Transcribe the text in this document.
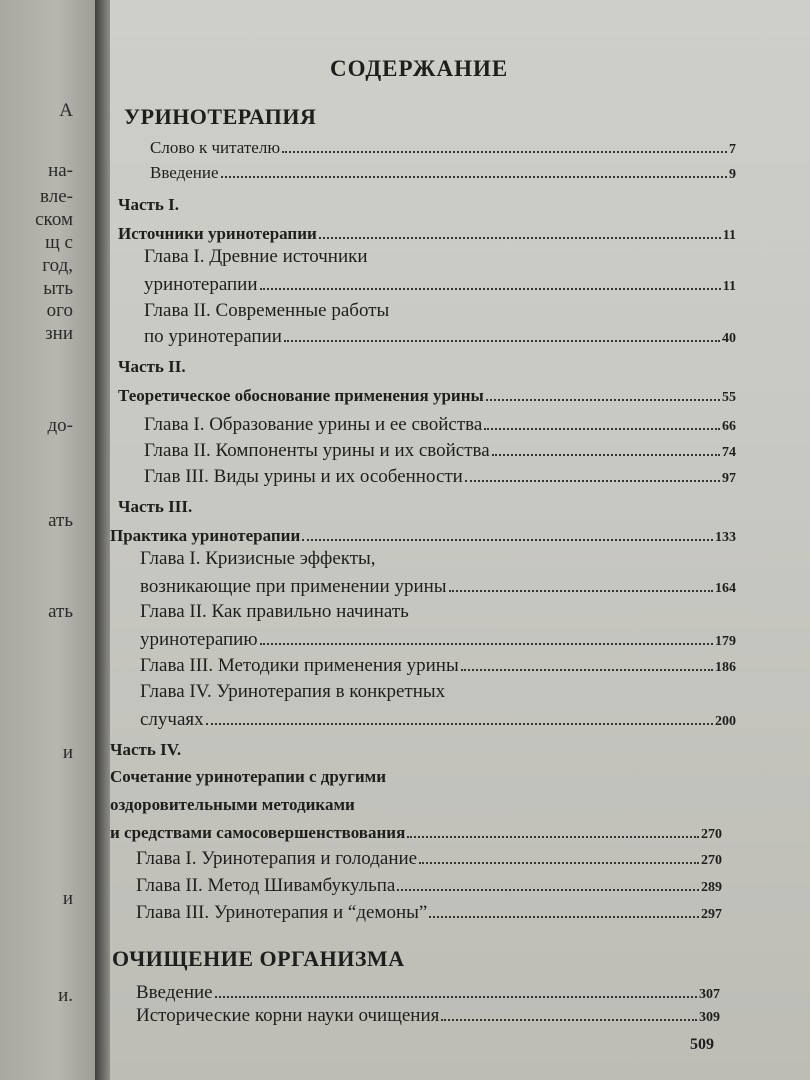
А
на-
вле-
ском
щ с
год,
ыть
ого
зни
до-
ать
ать
и
и
и.
СОДЕРЖАНИЕ
УРИНОТЕРАПИЯ
Слово к читателю	7
Введение	9
Часть I.
Источники уринотерапии	11
Глава I. Древние источники
уринотерапии	11
Глава II. Современные работы
по уринотерапии	40
Часть II.
Теоретическое обоснование применения урины	55
Глава I. Образование урины и ее свойства	66
Глава II. Компоненты урины и их свойства	74
Глав III. Виды урины и их особенности	97
Часть III.
Практика уринотерапии	133
Глава I. Кризисные эффекты,
возникающие при применении урины	164
Глава II. Как правильно начинать
уринотерапию	179
Глава III. Методики применения урины	186
Глава IV. Уринотерапия в конкретных
случаях	200
Часть IV.
Сочетание уринотерапии с другими
оздоровительными методиками
и средствами самосовершенствования	270
Глава I. Уринотерапия и голодание	270
Глава II. Метод Шивамбукульпа	289
Глава III. Уринотерапия и “демоны”	297
ОЧИЩЕНИЕ ОРГАНИЗМА
Введение	307
Исторические корни науки очищения	309
509
